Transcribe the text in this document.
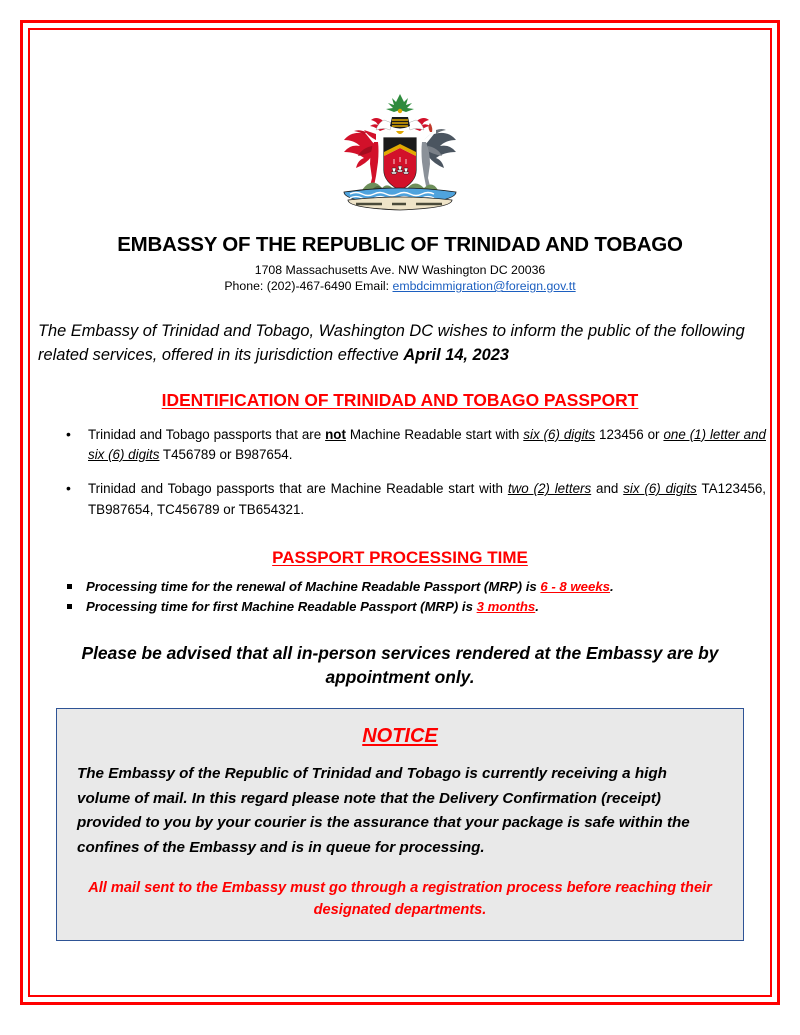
EMBASSY OF THE REPUBLIC OF TRINIDAD AND TOBAGO
1708 Massachusetts Ave. NW Washington DC 20036
Phone: (202)-467-6490 Email: embdcimmigration@foreign.gov.tt
The Embassy of Trinidad and Tobago, Washington DC wishes to inform the public of the following related services, offered in its jurisdiction effective April 14, 2023
IDENTIFICATION OF TRINIDAD AND TOBAGO PASSPORT
• Trinidad and Tobago passports that are not Machine Readable start with six (6) digits 123456 or one (1) letter and six (6) digits T456789 or B987654.
• Trinidad and Tobago passports that are Machine Readable start with two (2) letters and six (6) digits TA123456, TB987654, TC456789 or TB654321.
PASSPORT PROCESSING TIME
Processing time for the renewal of Machine Readable Passport (MRP) is 6 - 8 weeks.
Processing time for first Machine Readable Passport (MRP) is 3 months.
Please be advised that all in-person services rendered at the Embassy are by appointment only.
NOTICE
The Embassy of the Republic of Trinidad and Tobago is currently receiving a high volume of mail. In this regard please note that the Delivery Confirmation (receipt) provided to you by your courier is the assurance that your package is safe within the confines of the Embassy and is in queue for processing.
All mail sent to the Embassy must go through a registration process before reaching their designated departments.
